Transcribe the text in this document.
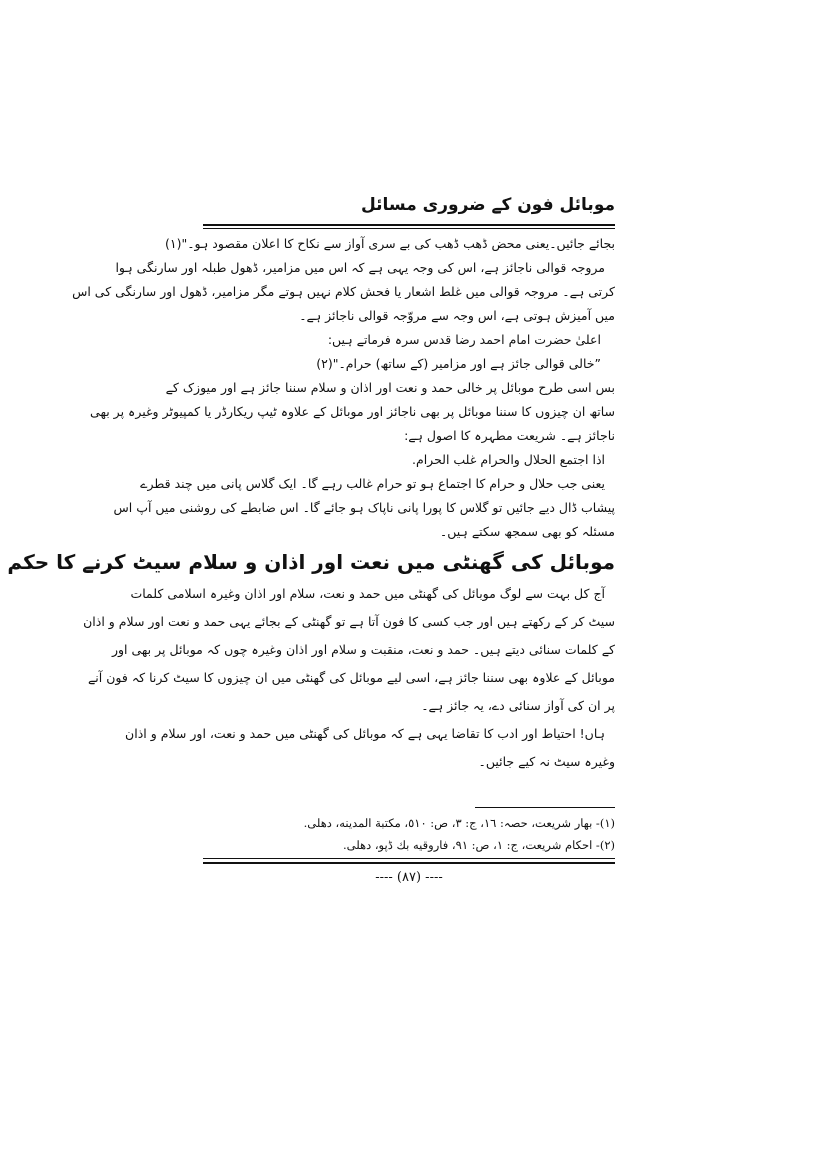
موبائل فون کے ضروری مسائل
بجائے جائیں۔یعنی محض ڈھب ڈھب کی بے سری آواز سے نکاح کا اعلان مقصود ہو۔"(۱)
مروجہ قوالی ناجائز ہے، اس کی وجہ یہی ہے کہ اس میں مزامیر، ڈھول طبلہ اور سارنگی ہوا
کرتی ہے۔ مروجہ قوالی میں غلط اشعار یا فحش کلام نہیں ہوتے مگر مزامیر، ڈھول اور سارنگی کی اس
میں آمیزش ہوتی ہے، اس وجہ سے مروّجہ قوالی ناجائز ہے۔
اعلیٰ حضرت امام احمد رضا قدس سرہ فرماتے ہیں:
”خالی قوالی جائز ہے اور مزامیر (کے ساتھ) حرام۔"(۲)
بس اسی طرح موبائل پر خالی حمد و نعت اور اذان و سلام سننا جائز ہے اور میوزک کے
ساتھ ان چیزوں کا سننا موبائل پر بھی ناجائز اور موبائل کے علاوہ ٹیپ ریکارڈر یا کمپیوٹر وغیرہ پر بھی
ناجائز ہے۔ شریعت مطہرہ کا اصول ہے:
اذا اجتمع الحلال والحرام غلب الحرام.
یعنی جب حلال و حرام کا اجتماع ہو تو حرام غالب رہے گا۔ ایک گلاس پانی میں چند قطرے
پیشاب ڈال دیے جائیں تو گلاس کا پورا پانی ناپاک ہو جائے گا۔ اس ضابطے کی روشنی میں آپ اس
مسئلہ کو بھی سمجھ سکتے ہیں۔
موبائل کی گھنٹی میں نعت اور اذان و سلام سیٹ کرنے کا حکم
آج کل بہت سے لوگ موبائل کی گھنٹی میں حمد و نعت، سلام اور اذان وغیرہ اسلامی کلمات
سیٹ کر کے رکھتے ہیں اور جب کسی کا فون آتا ہے تو گھنٹی کے بجائے یہی حمد و نعت اور سلام و اذان
کے کلمات سنائی دیتے ہیں۔ حمد و نعت، منقبت و سلام اور اذان وغیرہ چوں کہ موبائل پر بھی اور
موبائل کے علاوہ بھی سننا جائز ہے، اسی لیے موبائل کی گھنٹی میں ان چیزوں کا سیٹ کرنا کہ فون آنے
پر ان کی آواز سنائی دے، یہ جائز ہے۔
ہاں! احتیاط اور ادب کا تقاضا یہی ہے کہ موبائل کی گھنٹی میں حمد و نعت، اور سلام و اذان
وغیرہ سیٹ نہ کیے جائیں۔
(۱)- بهار شريعت، حصہ: ١٦، ج: ٣، ص: ٥١٠، مكتبة المدينه، دهلی.
(۲)- احكام شريعت، ج: ١، ص: ٩١، فاروقيه بك ڈپو، دهلی.
---- (۸۷) ----
